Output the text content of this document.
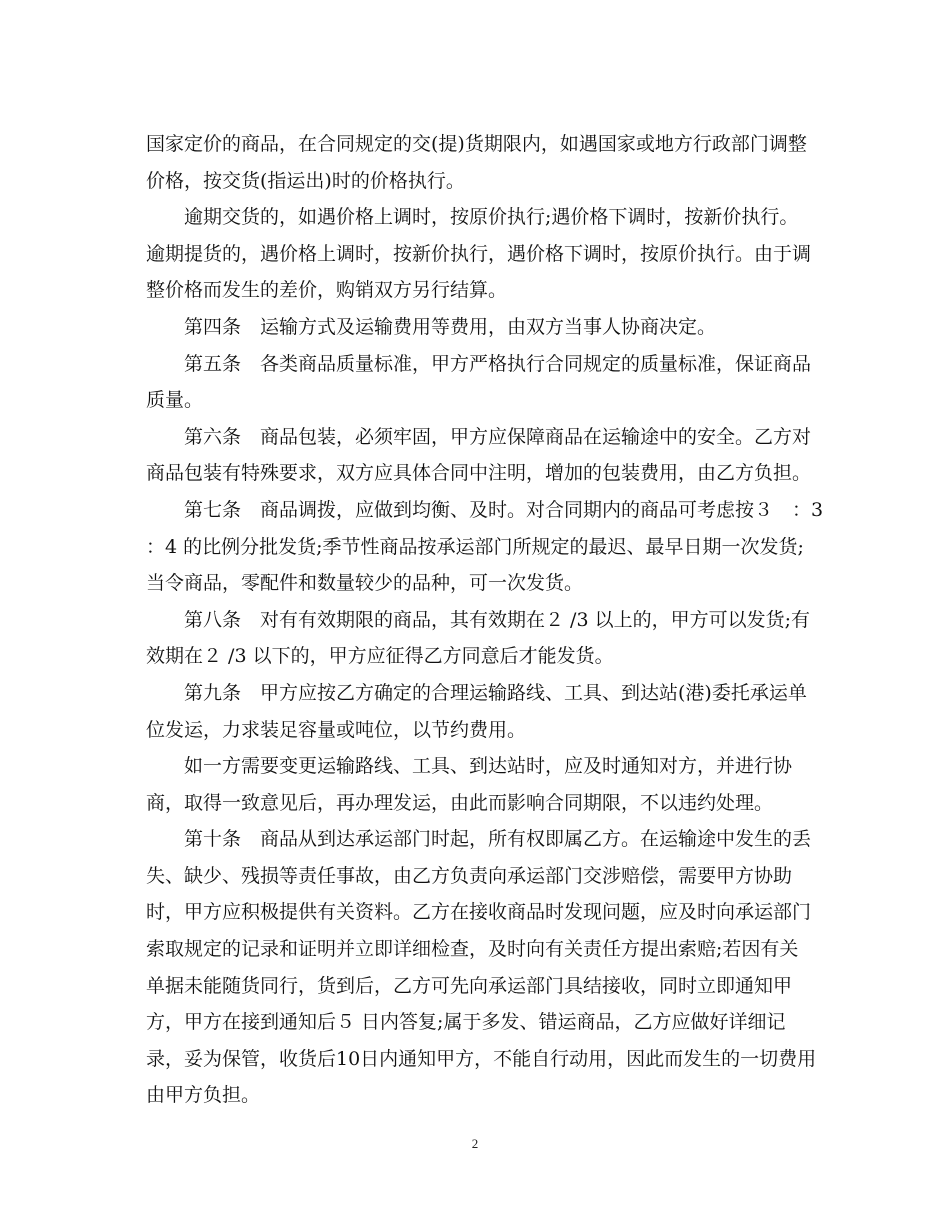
国家定价的商品，在合同规定的交(提)货期限内，如遇国家或地方行政部门调整
价格，按交货(指运出)时的价格执行。
逾期交货的，如遇价格上调时，按原价执行;遇价格下调时，按新价执行。
逾期提货的，遇价格上调时，按新价执行，遇价格下调时，按原价执行。由于调
整价格而发生的差价，购销双方另行结算。
第四条　运输方式及运输费用等费用，由双方当事人协商决定。
第五条　各类商品质量标准，甲方严格执行合同规定的质量标准，保证商品
质量。
第六条　商品包装，必须牢固，甲方应保障商品在运输途中的安全。乙方对
商品包装有特殊要求，双方应具体合同中注明，增加的包装费用，由乙方负担。
第七条　商品调拨，应做到均衡、及时。对合同期内的商品可考虑按３　：3
：4 的比例分批发货;季节性商品按承运部门所规定的最迟、最早日期一次发货;
当令商品，零配件和数量较少的品种，可一次发货。
第八条　对有有效期限的商品，其有效期在２ /3 以上的，甲方可以发货;有
效期在２ /3 以下的，甲方应征得乙方同意后才能发货。
第九条　甲方应按乙方确定的合理运输路线、工具、到达站(港)委托承运单
位发运，力求装足容量或吨位，以节约费用。
如一方需要变更运输路线、工具、到达站时，应及时通知对方，并进行协
商，取得一致意见后，再办理发运，由此而影响合同期限，不以违约处理。
第十条　商品从到达承运部门时起，所有权即属乙方。在运输途中发生的丢
失、缺少、残损等责任事故，由乙方负责向承运部门交涉赔偿，需要甲方协助
时，甲方应积极提供有关资料。乙方在接收商品时发现问题，应及时向承运部门
索取规定的记录和证明并立即详细检查，及时向有关责任方提出索赔;若因有关
单据未能随货同行，货到后，乙方可先向承运部门具结接收，同时立即通知甲
方，甲方在接到通知后５ 日内答复;属于多发、错运商品，乙方应做好详细记
录，妥为保管，收货后10日内通知甲方，不能自行动用，因此而发生的一切费用
由甲方负担。
2
